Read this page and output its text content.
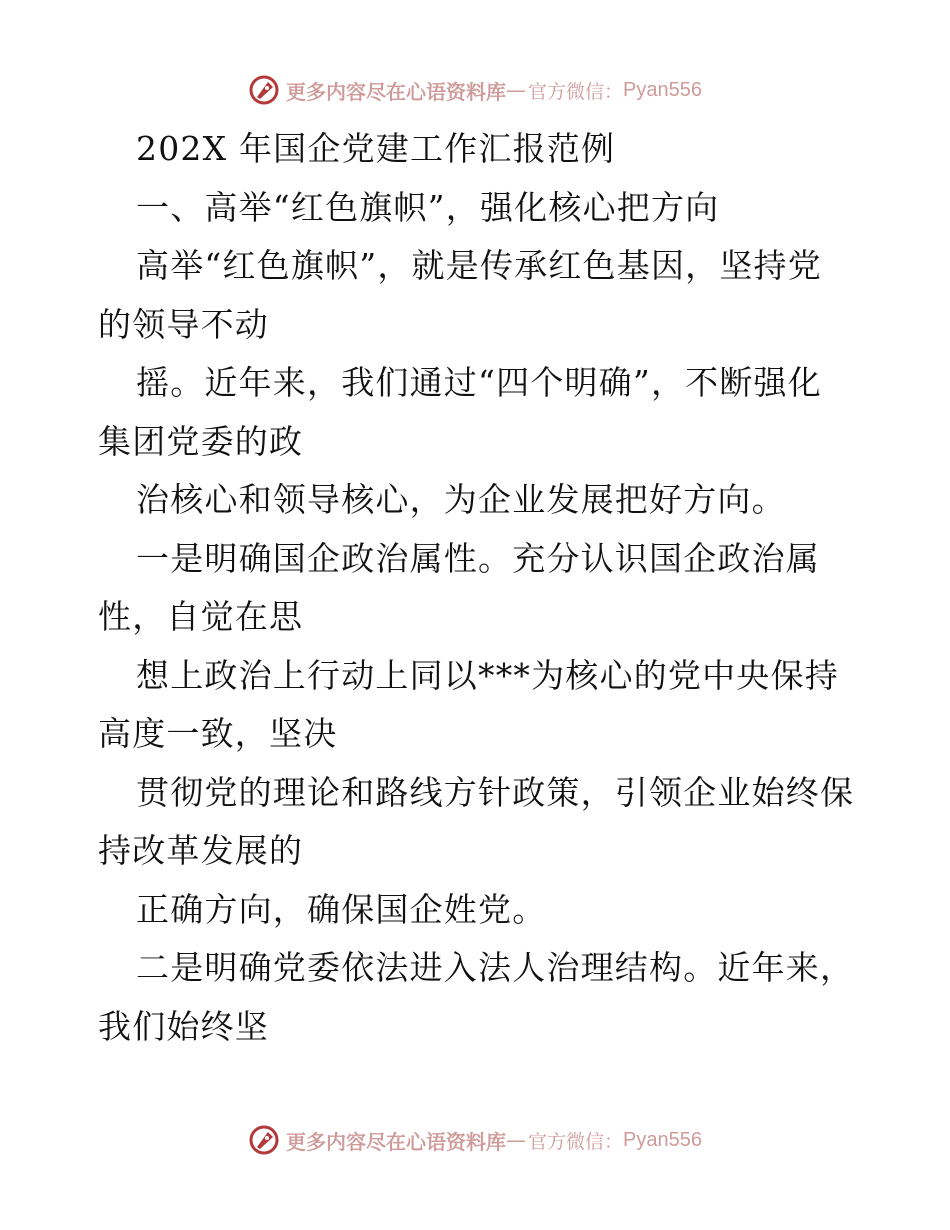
更多内容尽在心语资料库 — 官方微信： Pyan556
202X 年国企党建工作汇报范例
一、高举“红色旗帜”，强化核心把方向
高举“红色旗帜”，就是传承红色基因，坚持党
的领导不动
摇。近年来，我们通过“四个明确”，不断强化
集团党委的政
治核心和领导核心，为企业发展把好方向。
一是明确国企政治属性。充分认识国企政治属
性，自觉在思
想上政治上行动上同以***为核心的党中央保持
高度一致，坚决
贯彻党的理论和路线方针政策，引领企业始终保
持改革发展的
正确方向，确保国企姓党。
二是明确党委依法进入法人治理结构。近年来，
我们始终坚
更多内容尽在心语资料库 — 官方微信： Pyan556
